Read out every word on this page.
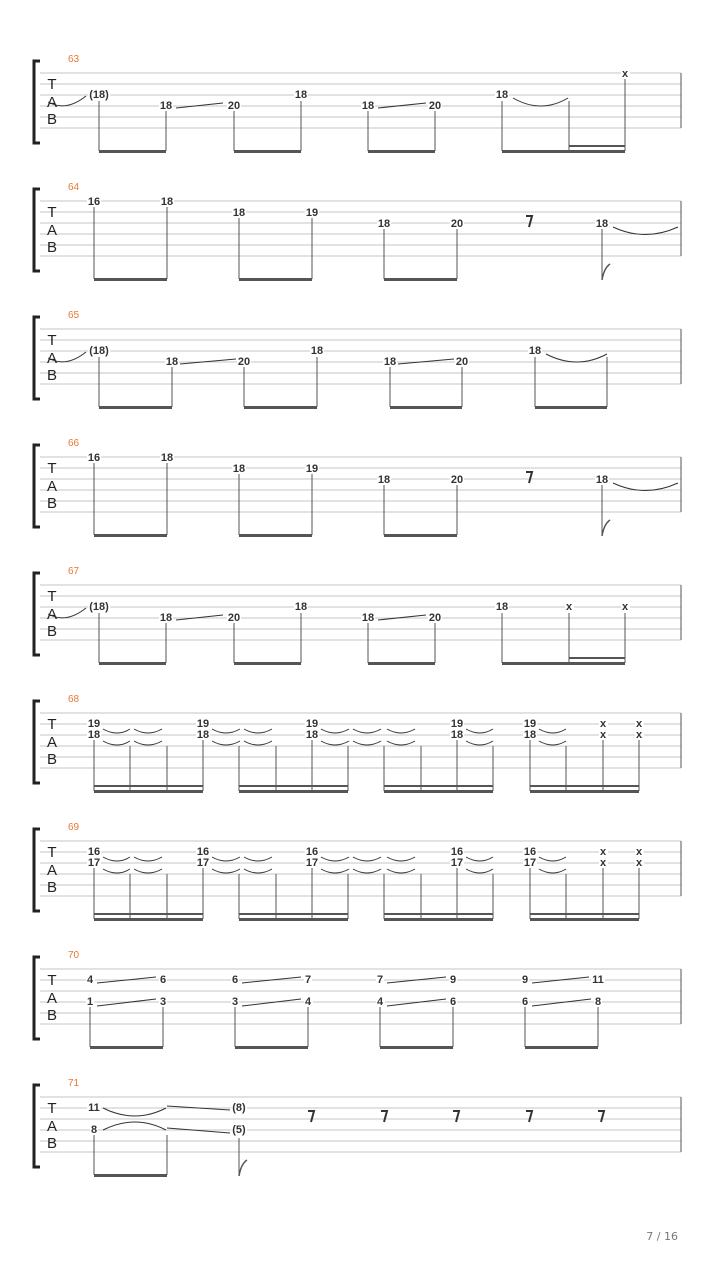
63
T
A
B
(18)
18	20
18
18	20
18
x
64
T
A
B
16	18
18	19
18	20	18
65
T
A
B
(18)
18	20
18
18	20
18
66
T
A
B
16	18
18	19
18	20	18
67
T
A
B
(18)
18	20
18
18	20
18	x	x
68
T
A
B
19
18
19
18
19
18
19
18
19
18
x
x
x
x
69
T
A
B
16
17
16
17
16
17
16
17
16
17
x
x
x
x
70
T
A
B
4
1
6
3
6
3
7
4
7
4
9
6
9
6
11
8
71
T
A
B
11
8
(8)
(5)
7 / 16
